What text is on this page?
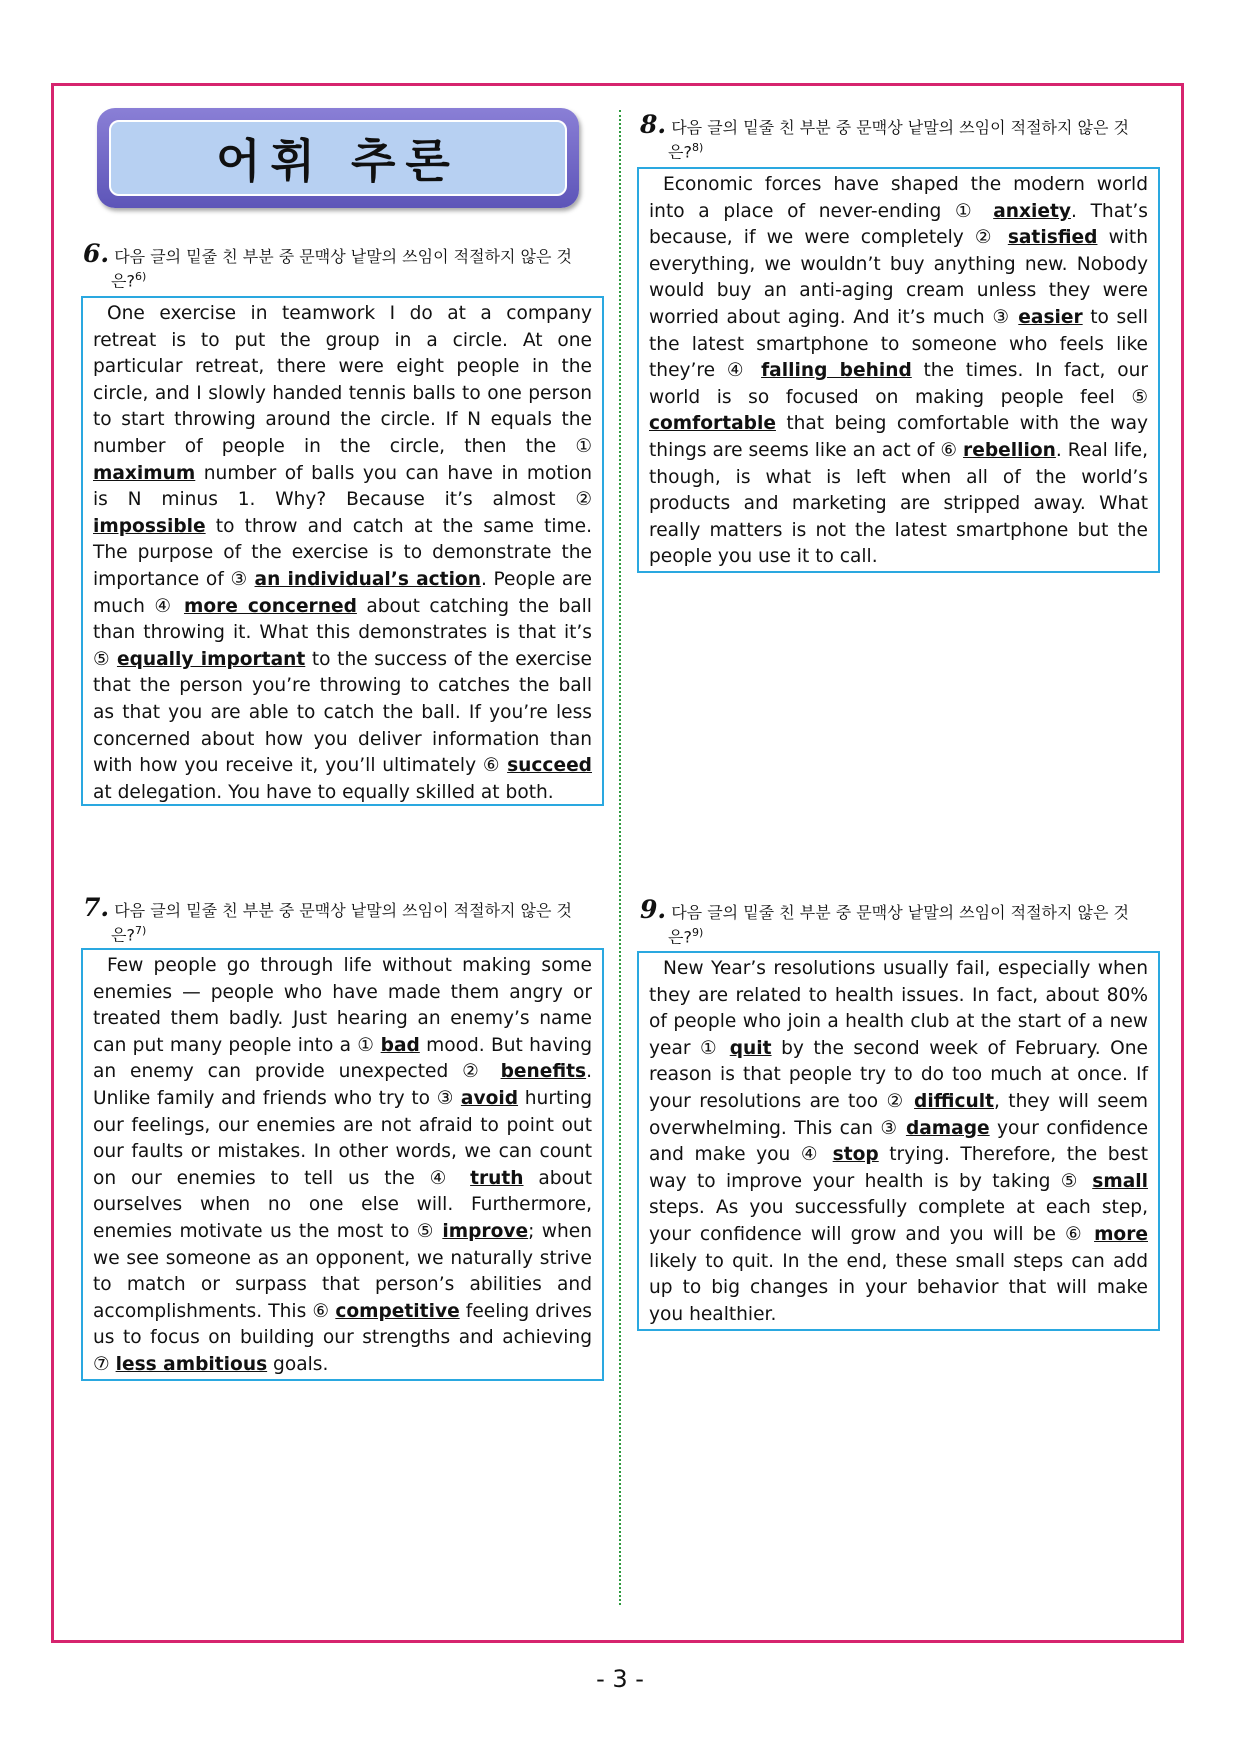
어휘 추론
6. 다음 글의 밑줄 친 부분 중 문맥상 낱말의 쓰임이 적절하지 않은 것
은?$^{6)}$

One exercise in teamwork I do at a company retreat is to put the group in a circle. At one particular retreat, there were eight people in the circle, and I slowly handed tennis balls to one person to start throwing around the circle. If N equals the number of people in the circle, then the ① maximum number of balls you can have in motion is N minus 1. Why? Because it’s almost ② impossible to throw and catch at the same time. The purpose of the exercise is to demonstrate the importance of ③ an individual’s action. People are much ④ more concerned about catching the ball than throwing it. What this demonstrates is that it’s ⑤ equally important to the success of the exercise that the person you’re throwing to catches the ball as that you are able to catch the ball. If you’re less concerned about how you deliver information than with how you receive it, you’ll ultimately ⑥ succeed at delegation. You have to equally skilled at both.

7. 다음 글의 밑줄 친 부분 중 문맥상 낱말의 쓰임이 적절하지 않은 것
은?$^{7)}$

Few people go through life without making some enemies — people who have made them angry or treated them badly. Just hearing an enemy’s name can put many people into a ① bad mood. But having an enemy can provide unexpected ② benefits. Unlike family and friends who try to ③ avoid hurting our feelings, our enemies are not afraid to point out our faults or mistakes. In other words, we can count on our enemies to tell us the ④ truth about ourselves when no one else will. Furthermore, enemies motivate us the most to ⑤ improve; when we see someone as an opponent, we naturally strive to match or surpass that person’s abilities and accomplishments. This ⑥ competitive feeling drives us to focus on building our strengths and achieving ⑦ less ambitious goals.

8. 다음 글의 밑줄 친 부분 중 문맥상 낱말의 쓰임이 적절하지 않은 것
은?$^{8)}$

Economic forces have shaped the modern world into a place of never-ending ① anxiety. That’s because, if we were completely ② satisfied with everything, we wouldn’t buy anything new. Nobody would buy an anti-aging cream unless they were worried about aging. And it’s much ③ easier to sell the latest smartphone to someone who feels like they’re ④ falling behind the times. In fact, our world is so focused on making people feel ⑤ comfortable that being comfortable with the way things are seems like an act of ⑥ rebellion. Real life, though, is what is left when all of the world’s products and marketing are stripped away. What really matters is not the latest smartphone but the people you use it to call.

9. 다음 글의 밑줄 친 부분 중 문맥상 낱말의 쓰임이 적절하지 않은 것
은?$^{9)}$

New Year’s resolutions usually fail, especially when they are related to health issues. In fact, about 80% of people who join a health club at the start of a new year ① quit by the second week of February. One reason is that people try to do too much at once. If your resolutions are too ② difficult, they will seem overwhelming. This can ③ damage your confidence and make you ④ stop trying. Therefore, the best way to improve your health is by taking ⑤ small steps. As you successfully complete at each step, your confidence will grow and you will be ⑥ more likely to quit. In the end, these small steps can add up to big changes in your behavior that will make you healthier.

- 3 -
